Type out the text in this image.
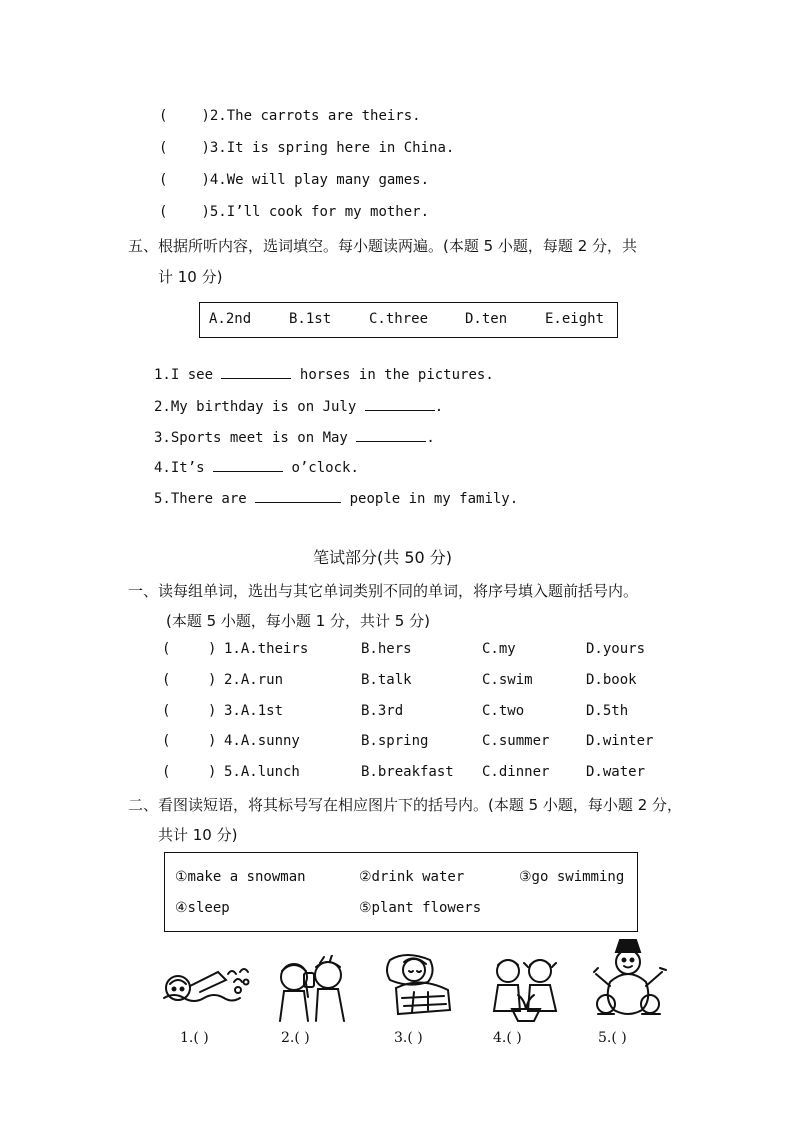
( )2.The carrots are theirs.
( )3.It is spring here in China.
( )4.We will play many games.
( )5.I’ll cook for my mother.
五、根据所听内容，选词填空。每小题读两遍。(本题 5 小题，每题 2 分，共
计 10 分)
A.2nd	B.1st	C.three	D.ten	E.eight
1.I see	horses in the pictures.
2.My birthday is on July	.
3.Sports meet is on May	.
4.It’s	o’clock.
5.There are	people in my family.
笔试部分(共 50 分)
一、读每组单词，选出与其它单词类别不同的单词，将序号填入题前括号内。
(本题 5 小题，每小题 1 分，共计 5 分)
(	) 1.A.theirs	B.hers	C.my	D.yours
(	) 2.A.run	B.talk	C.swim	D.book
(	) 3.A.1st	B.3rd	C.two	D.5th
(	) 4.A.sunny	B.spring	C.summer	D.winter
(	) 5.A.lunch	B.breakfast C.dinner	D.water
二、看图读短语，将其标号写在相应图片下的括号内。(本题 5 小题，每小题 2 分，
共计 10 分)
①make a snowman	②drink water	③go swimming
④sleep	⑤plant flowers
1.( )	2.( )	3.( )	4.( )	5.( )
